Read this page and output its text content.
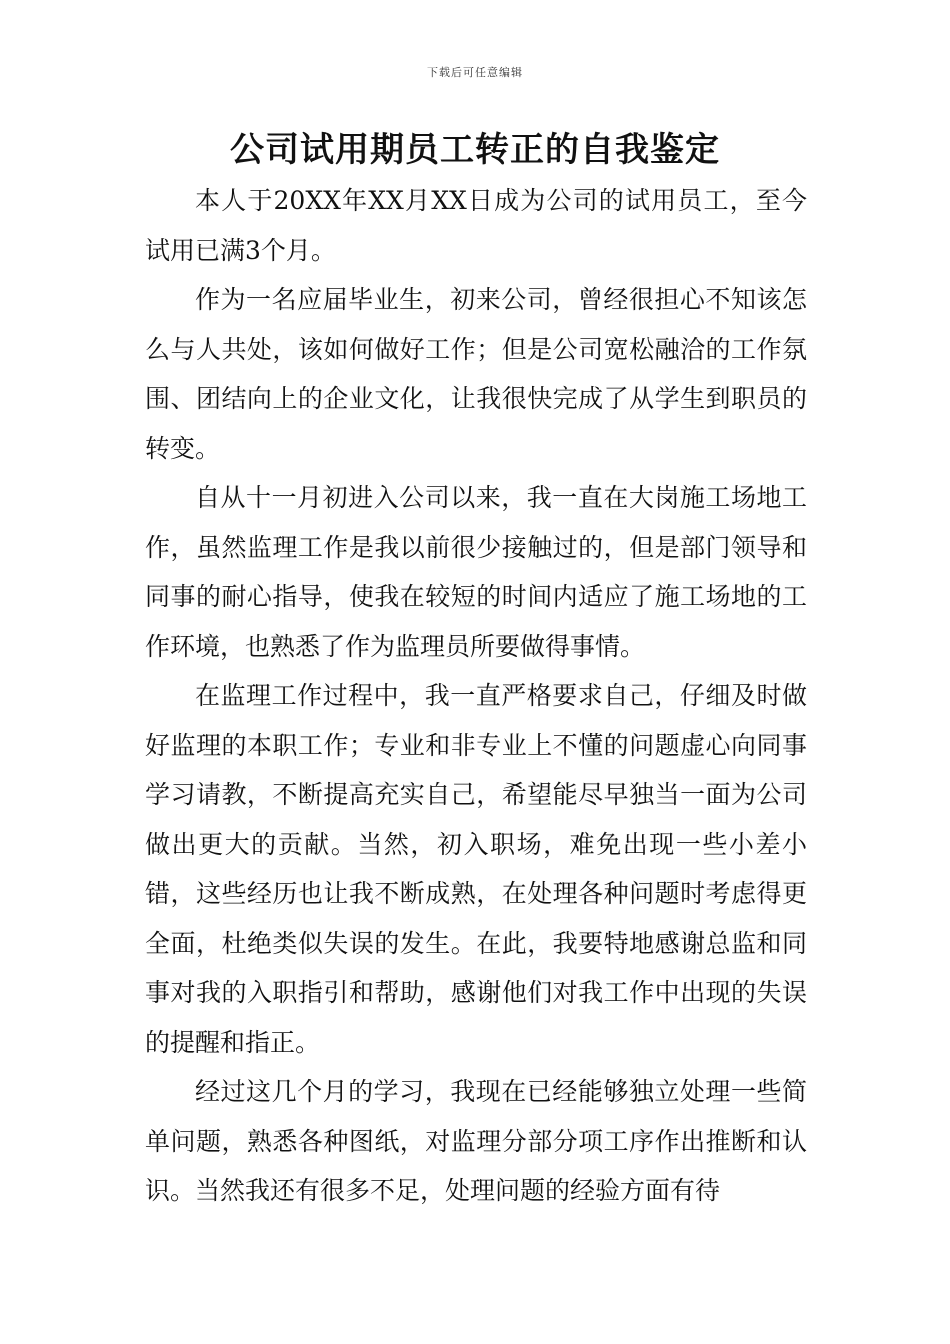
下载后可任意编辑
公司试用期员工转正的自我鉴定

本人于20XX年XX月XX日成为公司的试用员工，至今试用已满3个月。

作为一名应届毕业生，初来公司，曾经很担心不知该怎么与人共处，该如何做好工作；但是公司宽松融洽的工作氛围、团结向上的企业文化，让我很快完成了从学生到职员的转变。

自从十一月初进入公司以来，我一直在大岗施工场地工作，虽然监理工作是我以前很少接触过的，但是部门领导和同事的耐心指导，使我在较短的时间内适应了施工场地的工作环境，也熟悉了作为监理员所要做得事情。

在监理工作过程中，我一直严格要求自己，仔细及时做好监理的本职工作；专业和非专业上不懂的问题虚心向同事学习请教，不断提高充实自己，希望能尽早独当一面为公司做出更大的贡献。当然，初入职场，难免出现一些小差小错，这些经历也让我不断成熟，在处理各种问题时考虑得更全面，杜绝类似失误的发生。在此，我要特地感谢总监和同事对我的入职指引和帮助，感谢他们对我工作中出现的失误的提醒和指正。

经过这几个月的学习，我现在已经能够独立处理一些简单问题，熟悉各种图纸，对监理分部分项工序作出推断和认识。当然我还有很多不足，处理问题的经验方面有待
